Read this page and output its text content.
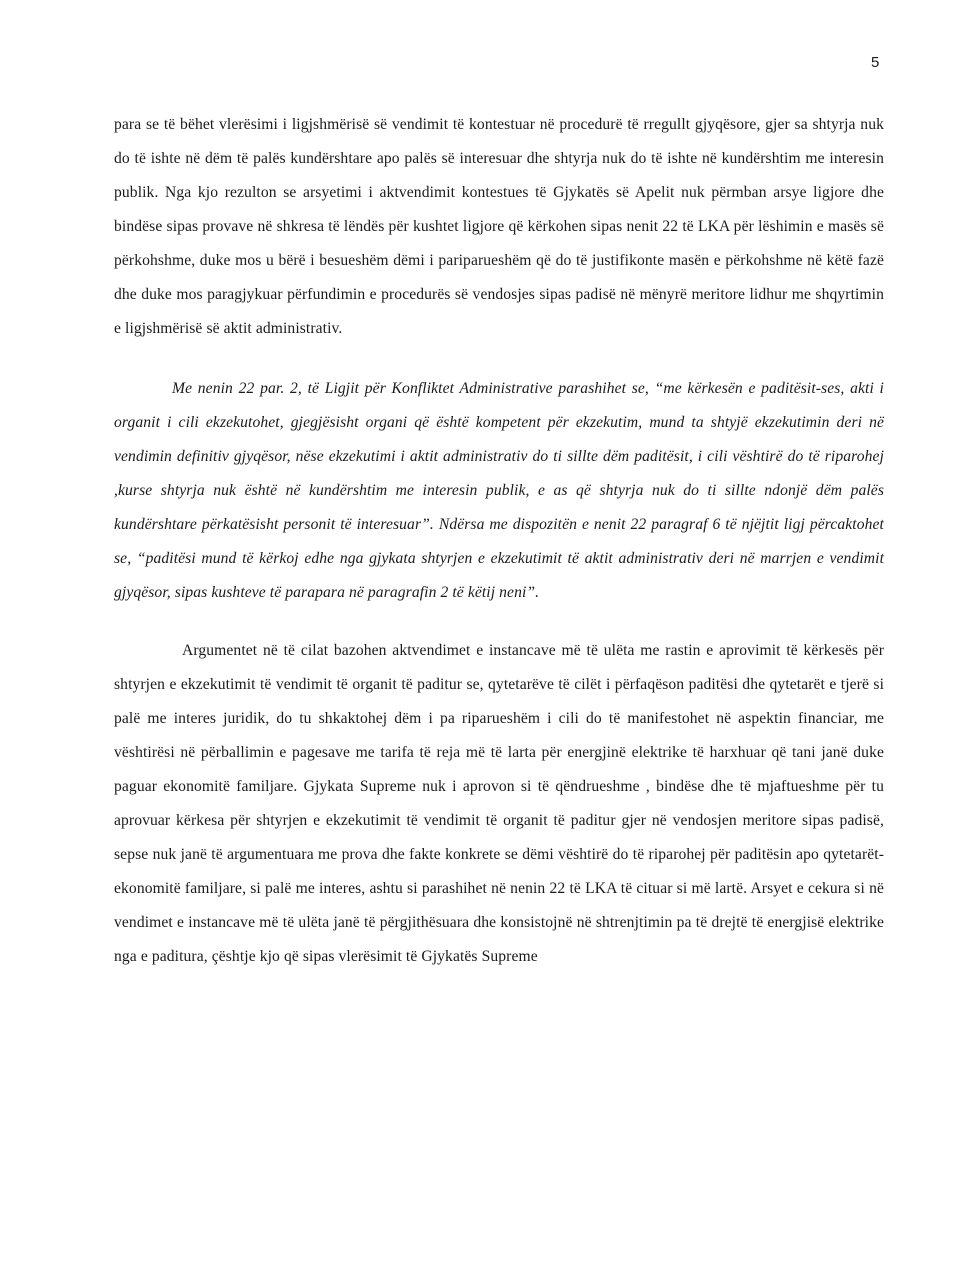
5

para se të bëhet vlerësimi i ligjshmërisë së vendimit të kontestuar në procedurë të rregullt gjyqësore, gjer sa shtyrja nuk do të ishte në dëm të palës kundërshtare apo palës së interesuar dhe shtyrja nuk do të ishte në kundërshtim me interesin publik. Nga kjo rezulton se arsyetimi i aktvendimit kontestues të Gjykatës së Apelit nuk përmban arsye ligjore dhe bindëse sipas provave në shkresa të lëndës për kushtet ligjore që kërkohen sipas nenit 22 të LKA për lëshimin e masës së përkohshme, duke mos u bërë i besueshëm dëmi i pariparueshëm që do të justifikonte masën e përkohshme në këtë fazë dhe duke mos paragjykuar përfundimin e procedurës së vendosjes sipas padisë në mënyrë meritore lidhur me shqyrtimin e ligjshmërisë së aktit administrativ.

Me nenin 22 par. 2, të Ligjit për Konfliktet Administrative parashihet se, “me kërkesën e paditësit-ses, akti i organit i cili ekzekutohet, gjegjësisht organi që është kompetent për ekzekutim, mund ta shtyjë ekzekutimin deri në vendimin definitiv gjyqësor, nëse ekzekutimi i aktit administrativ do ti sillte dëm paditësit, i cili vështirë do të riparohej ,kurse shtyrja nuk është në kundërshtim me interesin publik, e as që shtyrja nuk do ti sillte ndonjë dëm palës kundërshtare përkatësisht personit të interesuar”. Ndërsa me dispozitën e nenit 22 paragraf 6 të njëjtit ligj përcaktohet se, “paditësi mund të kërkoj edhe nga gjykata shtyrjen e ekzekutimit të aktit administrativ deri në marrjen e vendimit gjyqësor, sipas kushteve të parapara në paragrafin 2 të këtij neni”.

Argumentet në të cilat bazohen aktvendimet e instancave më të ulëta me rastin e aprovimit të kërkesës për shtyrjen e ekzekutimit të vendimit të organit të paditur se, qytetarëve të cilët i përfaqëson paditësi dhe qytetarët e tjerë si palë me interes juridik, do tu shkaktohej dëm i pa riparueshëm i cili do të manifestohet në aspektin financiar, me vështirësi në përballimin e pagesave me tarifa të reja më të larta për energjinë elektrike të harxhuar që tani janë duke paguar ekonomitë familjare. Gjykata Supreme nuk i aprovon si të qëndrueshme , bindëse dhe të mjaftueshme për tu aprovuar kërkesa për shtyrjen e ekzekutimit të vendimit të organit të paditur gjer në vendosjen meritore sipas padisë, sepse nuk janë të argumentuara me prova dhe fakte konkrete se dëmi vështirë do të riparohej për paditësin apo qytetarët-ekonomitë familjare, si palë me interes, ashtu si parashihet në nenin 22 të LKA të cituar si më lartë. Arsyet e cekura si në vendimet e instancave më të ulëta janë të përgjithësuara dhe konsistojnë në shtrenjtimin pa të drejtë të energjisë elektrike nga e paditura, çështje kjo që sipas vlerësimit të Gjykatës Supreme
